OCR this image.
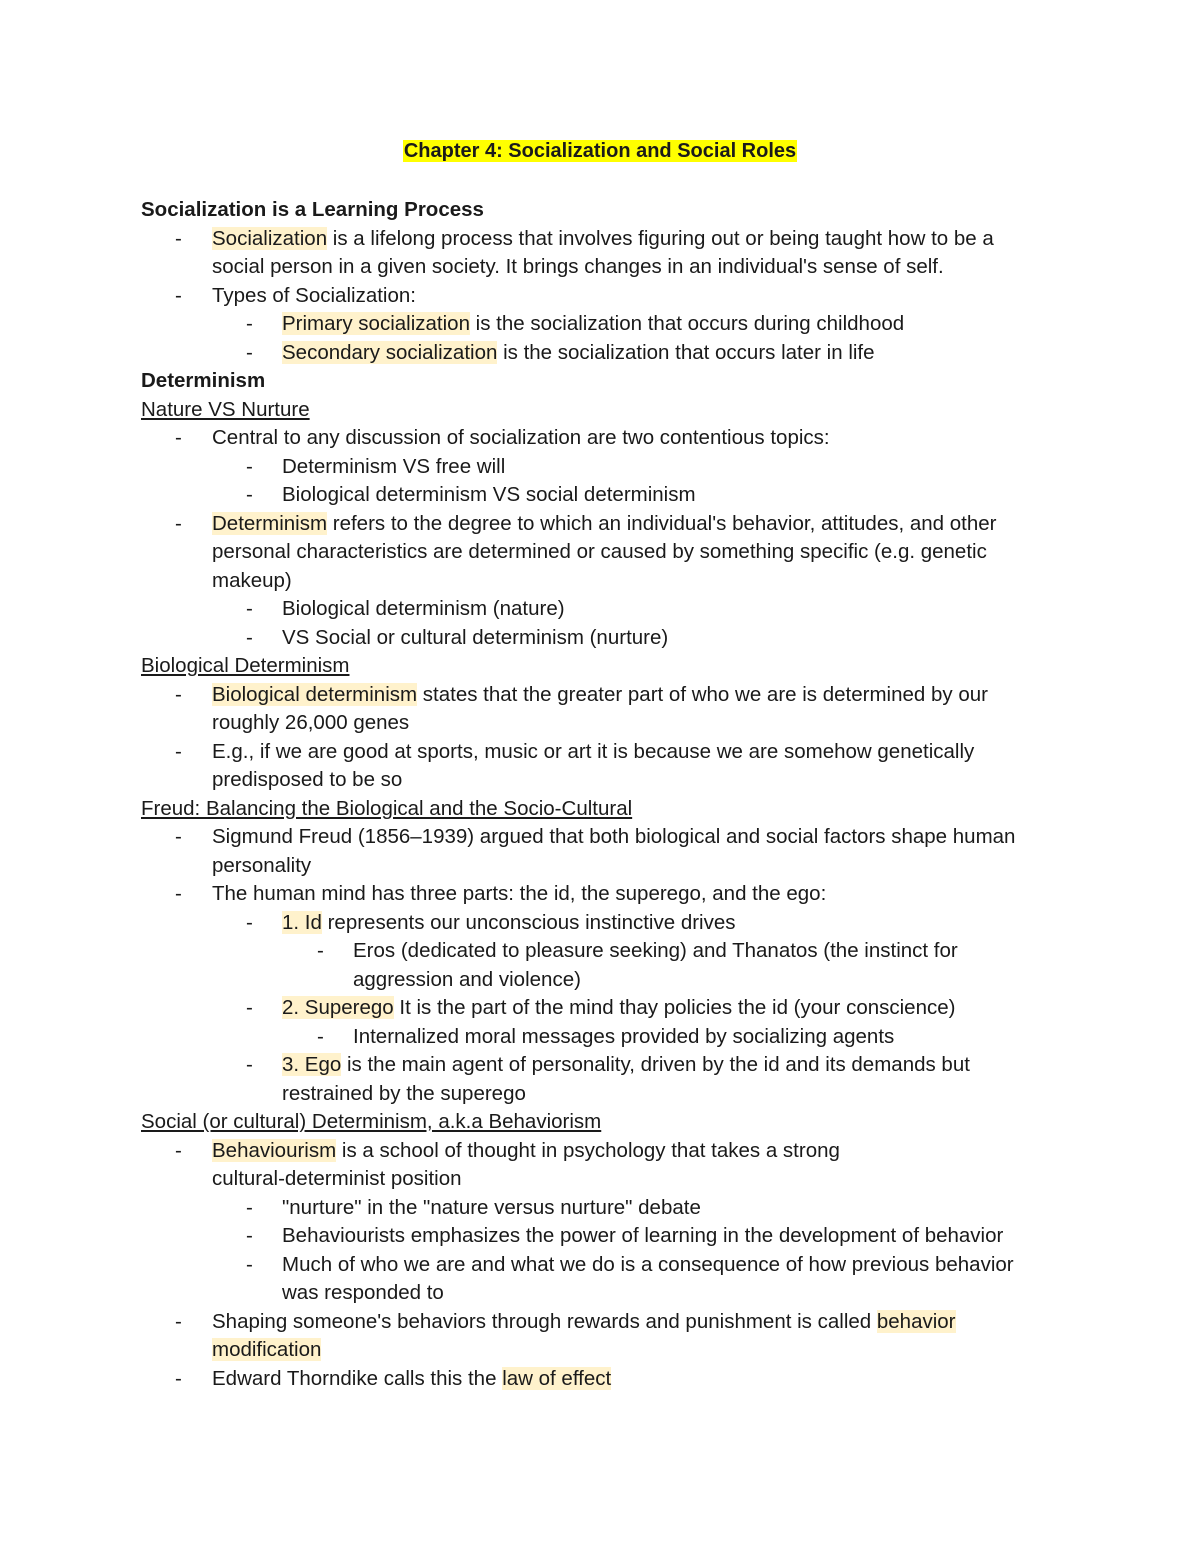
Chapter 4: Socialization and Social Roles
Socialization is a Learning Process
- Socialization is a lifelong process that involves figuring out or being taught how to be a
social person in a given society. It brings changes in an individual's sense of self.
- Types of Socialization:
- Primary socialization is the socialization that occurs during childhood
- Secondary socialization is the socialization that occurs later in life
Determinism
Nature VS Nurture
- Central to any discussion of socialization are two contentious topics:
- Determinism VS free will
- Biological determinism VS social determinism
- Determinism refers to the degree to which an individual's behavior, attitudes, and other
personal characteristics are determined or caused by something specific (e.g. genetic
makeup)
- Biological determinism (nature)
- VS Social or cultural determinism (nurture)
Biological Determinism
- Biological determinism states that the greater part of who we are is determined by our
roughly 26,000 genes
- E.g., if we are good at sports, music or art it is because we are somehow genetically
predisposed to be so
Freud: Balancing the Biological and the Socio-Cultural
- Sigmund Freud (1856–1939) argued that both biological and social factors shape human
personality
- The human mind has three parts: the id, the superego, and the ego:
- 1. Id represents our unconscious instinctive drives
- Eros (dedicated to pleasure seeking) and Thanatos (the instinct for
aggression and violence)
- 2. Superego It is the part of the mind thay policies the id (your conscience)
- Internalized moral messages provided by socializing agents
- 3. Ego is the main agent of personality, driven by the id and its demands but
restrained by the superego
Social (or cultural) Determinism, a.k.a Behaviorism
- Behaviourism is a school of thought in psychology that takes a strong
cultural-determinist position
- "nurture" in the "nature versus nurture" debate
- Behaviourists emphasizes the power of learning in the development of behavior
- Much of who we are and what we do is a consequence of how previous behavior
was responded to
- Shaping someone's behaviors through rewards and punishment is called behavior
modification
- Edward Thorndike calls this the law of effect
